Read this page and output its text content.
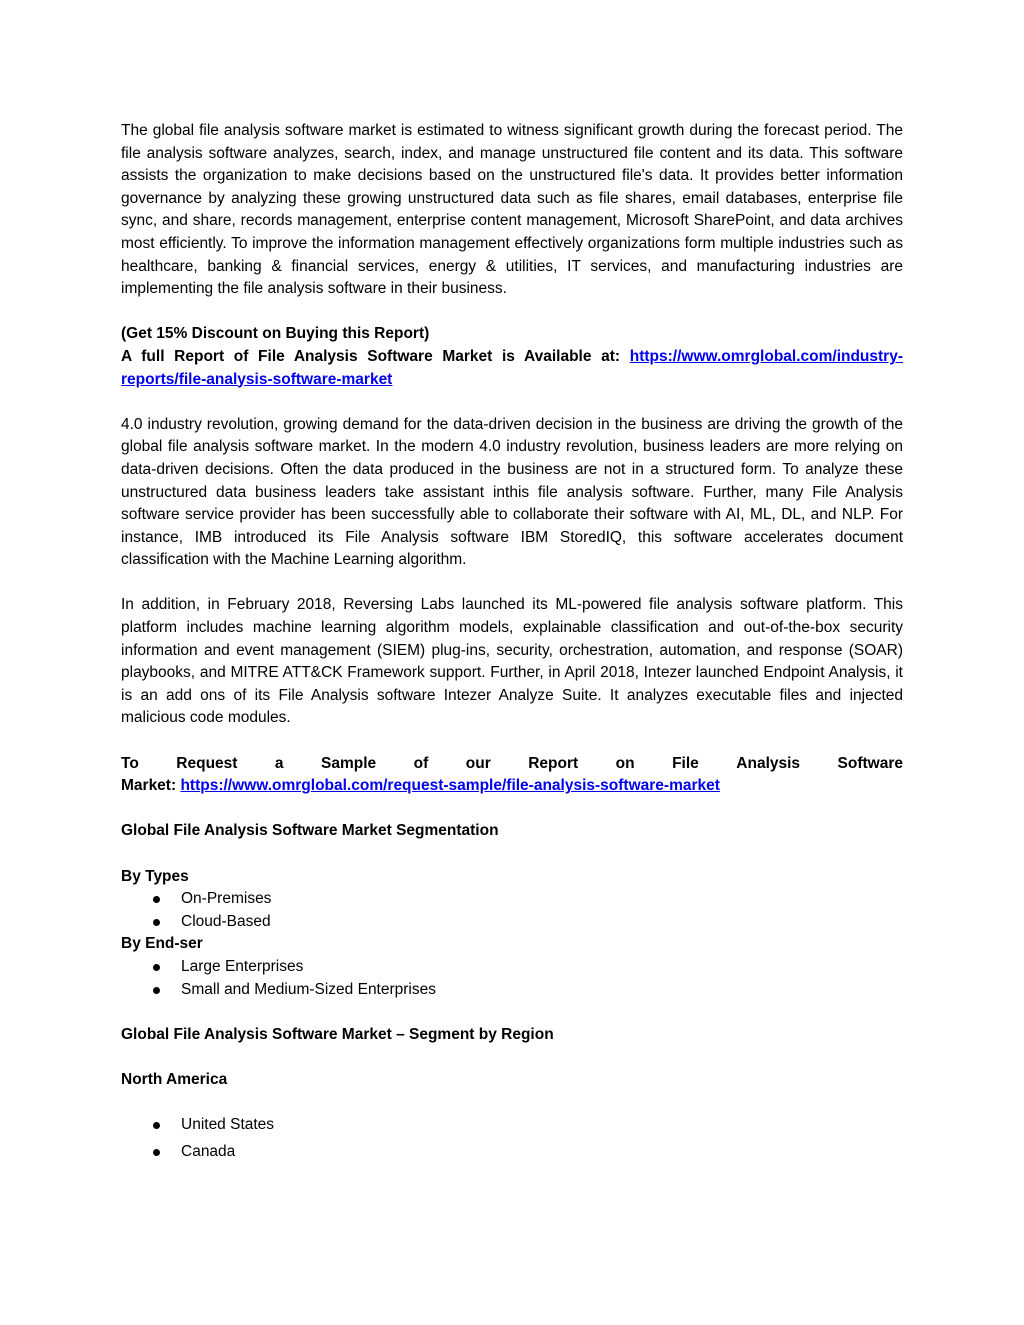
The global file analysis software market is estimated to witness significant growth during the forecast period. The file analysis software analyzes, search, index, and manage unstructured file content and its data. This software assists the organization to make decisions based on the unstructured file's data. It provides better information governance by analyzing these growing unstructured data such as file shares, email databases, enterprise file sync, and share, records management, enterprise content management, Microsoft SharePoint, and data archives most efficiently. To improve the information management effectively organizations form multiple industries such as healthcare, banking & financial services, energy & utilities, IT services, and manufacturing industries are implementing the file analysis software in their business.

(Get 15% Discount on Buying this Report)

A full Report of File Analysis Software Market is Available at: https://www.omrglobal.com/industry-reports/file-analysis-software-market

4.0 industry revolution, growing demand for the data-driven decision in the business are driving the growth of the global file analysis software market. In the modern 4.0 industry revolution, business leaders are more relying on data-driven decisions. Often the data produced in the business are not in a structured form. To analyze these unstructured data business leaders take assistant inthis file analysis software. Further, many File Analysis software service provider has been successfully able to collaborate their software with AI, ML, DL, and NLP. For instance, IMB introduced its File Analysis software IBM StoredIQ, this software accelerates document classification with the Machine Learning algorithm.

In addition, in February 2018, Reversing Labs launched its ML-powered file analysis software platform. This platform includes machine learning algorithm models, explainable classification and out-of-the-box security information and event management (SIEM) plug-ins, security, orchestration, automation, and response (SOAR) playbooks, and MITRE ATT&CK Framework support. Further, in April 2018, Intezer launched Endpoint Analysis, it is an add ons of its File Analysis software Intezer Analyze Suite. It analyzes executable files and injected malicious code modules.

To Request a Sample of our Report on File Analysis Software
Market: https://www.omrglobal.com/request-sample/file-analysis-software-market
Global File Analysis Software Market Segmentation
By Types
On-Premises
Cloud-Based
By End-ser
Large Enterprises
Small and Medium-Sized Enterprises
Global File Analysis Software Market – Segment by Region
North America
United States
Canada
